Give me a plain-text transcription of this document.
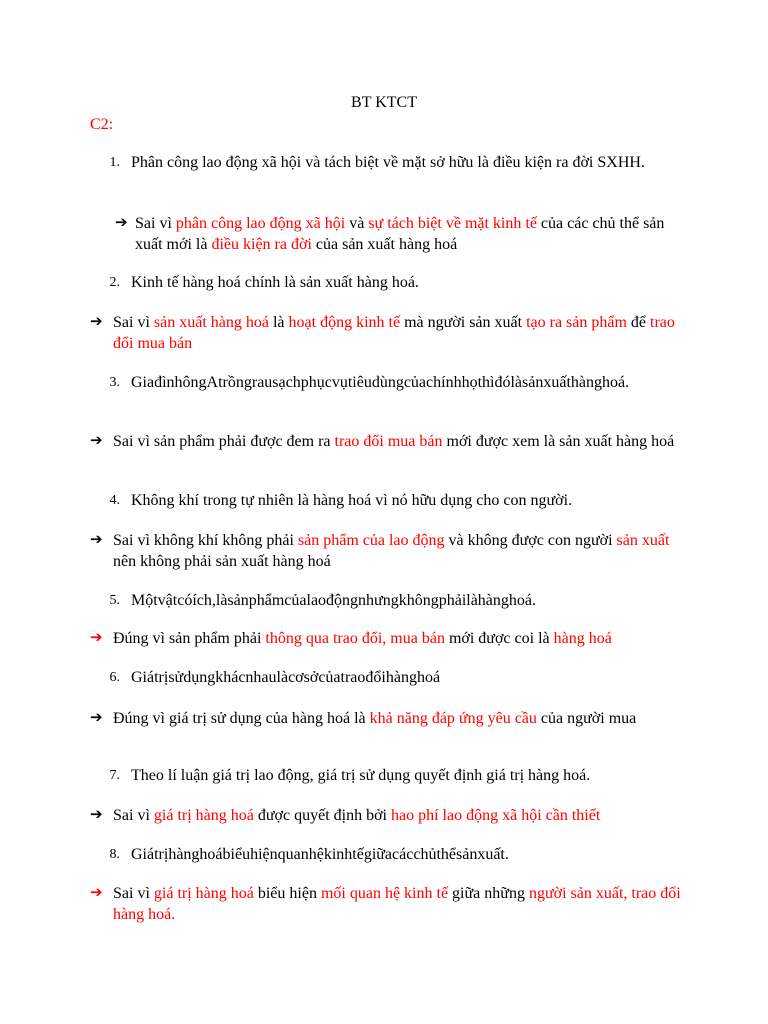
BT KTCT
C2:
1. Phân công lao động xã hội và tách biệt về mặt sở hữu là điều kiện ra đời SXHH.
➔ Sai vì phân công lao động xã hội và sự tách biệt về mặt kinh tế của các chủ thể sản xuất mới là điều kiện ra đời của sản xuất hàng hoá
2. Kinh tế hàng hoá chính là sản xuất hàng hoá.
➔ Sai vì sản xuất hàng hoá là hoạt động kinh tế mà người sản xuất tạo ra sản phẩm để trao đổi mua bán
3. GiađìnhôngAtrồngrausạchphụcvụtiêudùngcủachínhhọthìđólàsảnxuấthànghoá.
➔ Sai vì sản phẩm phải được đem ra trao đổi mua bán mới được xem là sản xuất hàng hoá
4. Không khí trong tự nhiên là hàng hoá vì nó hữu dụng cho con người.
➔ Sai vì không khí không phải sản phẩm của lao động và không được con người sản xuất nên không phải sản xuất hàng hoá
5. Mộtvậtcóích,làsảnphẩmcủalaođộngnhưngkhôngphảilàhànghoá.
➔ Đúng vì sản phẩm phải thông qua trao đổi, mua bán mới được coi là hàng hoá
6. Giátrịsửdụngkhácnhaulàcơsởcủatraođổihànghoá
➔ Đúng vì giá trị sử dụng của hàng hoá là khả năng đáp ứng yêu cầu của người mua
7. Theo lí luận giá trị lao động, giá trị sử dụng quyết định giá trị hàng hoá.
➔ Sai vì giá trị hàng hoá được quyết định bởi hao phí lao động xã hội cần thiết
8. Giátrịhànghoábiểuhiệnquanhệkinhtếgiữacácchủthểsảnxuất.
➔ Sai vì giá trị hàng hoá biểu hiện mối quan hệ kinh tế giữa những người sản xuất, trao đổi hàng hoá.
